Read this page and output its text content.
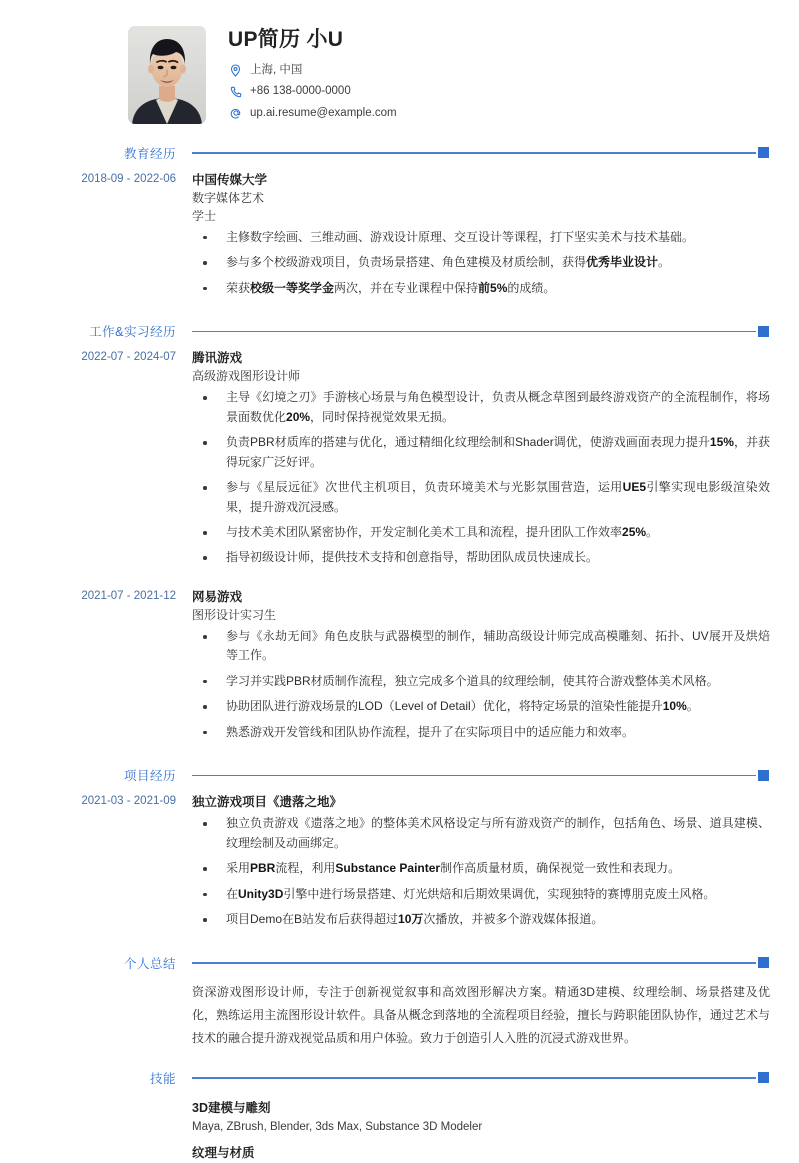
UP简历 小U
上海, 中国
+86 138-0000-0000
up.ai.resume@example.com
教育经历
2018-09 - 2022-06	中国传媒大学
数字媒体艺术
学士
主修数字绘画、三维动画、游戏设计原理、交互设计等课程，打下坚实美术与技术基础。
参与多个校级游戏项目，负责场景搭建、角色建模及材质绘制，获得优秀毕业设计。
荣获校级一等奖学金两次，并在专业课程中保持前5%的成绩。
工作&实习经历
2022-07 - 2024-07	腾讯游戏
高级游戏图形设计师
主导《幻境之刃》手游核心场景与角色模型设计，负责从概念草图到最终游戏资产的全流程制作，将场景面数优化20%，同时保持视觉效果无损。
负责PBR材质库的搭建与优化，通过精细化纹理绘制和Shader调优，使游戏画面表现力提升15%，并获得玩家广泛好评。
参与《星辰远征》次世代主机项目，负责环境美术与光影氛围营造，运用UE5引擎实现电影级渲染效果，提升游戏沉浸感。
与技术美术团队紧密协作，开发定制化美术工具和流程，提升团队工作效率25%。
指导初级设计师，提供技术支持和创意指导，帮助团队成员快速成长。
2021-07 - 2021-12	网易游戏
图形设计实习生
参与《永劫无间》角色皮肤与武器模型的制作，辅助高级设计师完成高模雕刻、拓扑、UV展开及烘焙等工作。
学习并实践PBR材质制作流程，独立完成多个道具的纹理绘制，使其符合游戏整体美术风格。
协助团队进行游戏场景的LOD（Level of Detail）优化，将特定场景的渲染性能提升10%。
熟悉游戏开发管线和团队协作流程，提升了在实际项目中的适应能力和效率。
项目经历
2021-03 - 2021-09	独立游戏项目《遗落之地》
独立负责游戏《遗落之地》的整体美术风格设定与所有游戏资产的制作，包括角色、场景、道具建模、纹理绘制及动画绑定。
采用PBR流程，利用Substance Painter制作高质量材质，确保视觉一致性和表现力。
在Unity3D引擎中进行场景搭建、灯光烘焙和后期效果调优，实现独特的赛博朋克废土风格。
项目Demo在B站发布后获得超过10万次播放，并被多个游戏媒体报道。
个人总结
资深游戏图形设计师，专注于创新视觉叙事和高效图形解决方案。精通3D建模、纹理绘制、场景搭建及优化，熟练运用主流图形设计软件。具备从概念到落地的全流程项目经验，擅长与跨职能团队协作，通过艺术与技术的融合提升游戏视觉品质和用户体验。致力于创造引人入胜的沉浸式游戏世界。
技能
3D建模与雕刻
Maya, ZBrush, Blender, 3ds Max, Substance 3D Modeler
纹理与材质
